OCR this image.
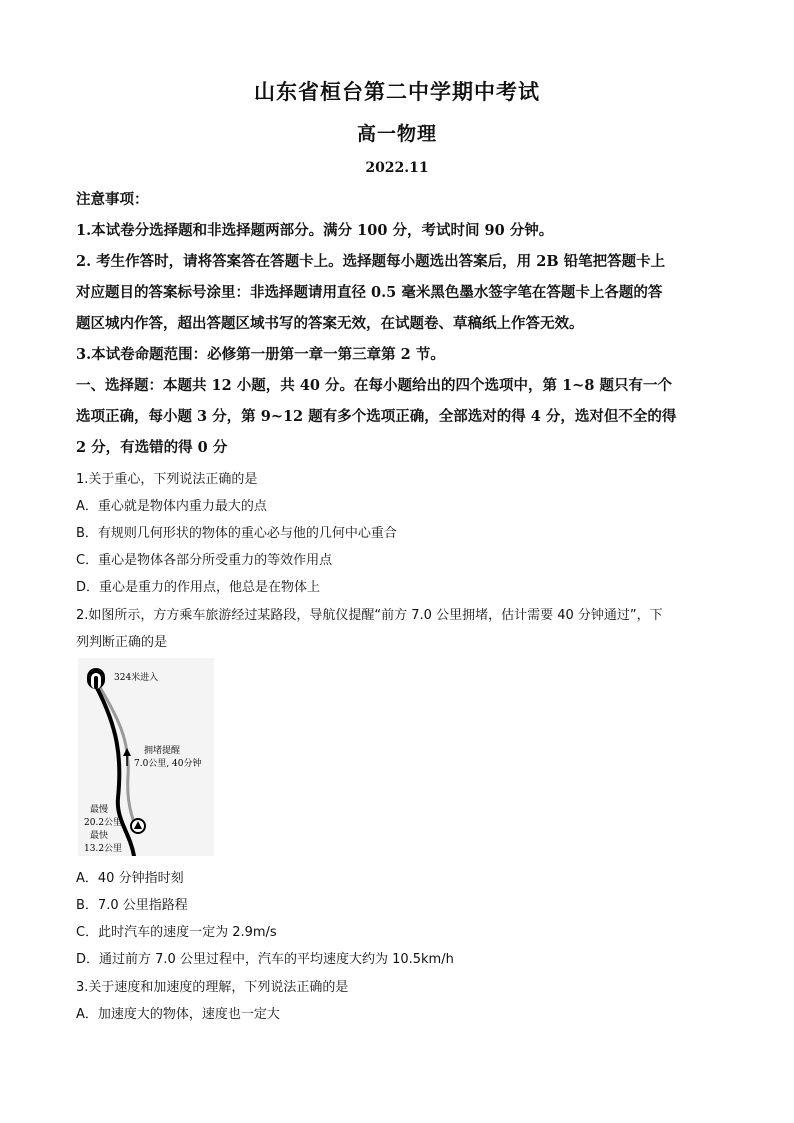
山东省桓台第二中学期中考试
高一物理
2022.11
注意事项：
1.本试卷分选择题和非选择题两部分。满分 100 分，考试时间 90 分钟。
2. 考生作答时，请将答案答在答题卡上。选择题每小题选出答案后，用 2B 铅笔把答题卡上
对应题目的答案标号涂里：非选择题请用直径 0.5 毫米黑色墨水签字笔在答题卡上各题的答
题区城内作答，超出答题区域书写的答案无效，在试题卷、草稿纸上作答无效。
3.本试卷命题范围：必修第一册第一章一第三章第 2 节。
一、选择题：本题共 12 小题，共 40 分。在每小题给出的四个选项中，第 1~8 题只有一个
选项正确，每小题 3 分，第 9~12 题有多个选项正确，全部选对的得 4 分，选对但不全的得
2 分，有选错的得 0 分
1.关于重心，下列说法正确的是
A．重心就是物体内重力最大的点
B．有规则几何形状的物体的重心必与他的几何中心重合
C．重心是物体各部分所受重力的等效作用点
D．重心是重力的作用点，他总是在物体上
2.如图所示，方方乘车旅游经过某路段，导航仪提醒“前方 7.0 公里拥堵，估计需要 40 分钟通过”，下
列判断正确的是
324米进入
拥堵提醒
7.0公里, 40分钟
最慢
20.2公里
最快
13.2公里
A．40 分钟指时刻
B．7.0 公里指路程
C．此时汽车的速度一定为 2.9m/s
D．通过前方 7.0 公里过程中，汽车的平均速度大约为 10.5km/h
3.关于速度和加速度的理解，下列说法正确的是
A．加速度大的物体，速度也一定大
